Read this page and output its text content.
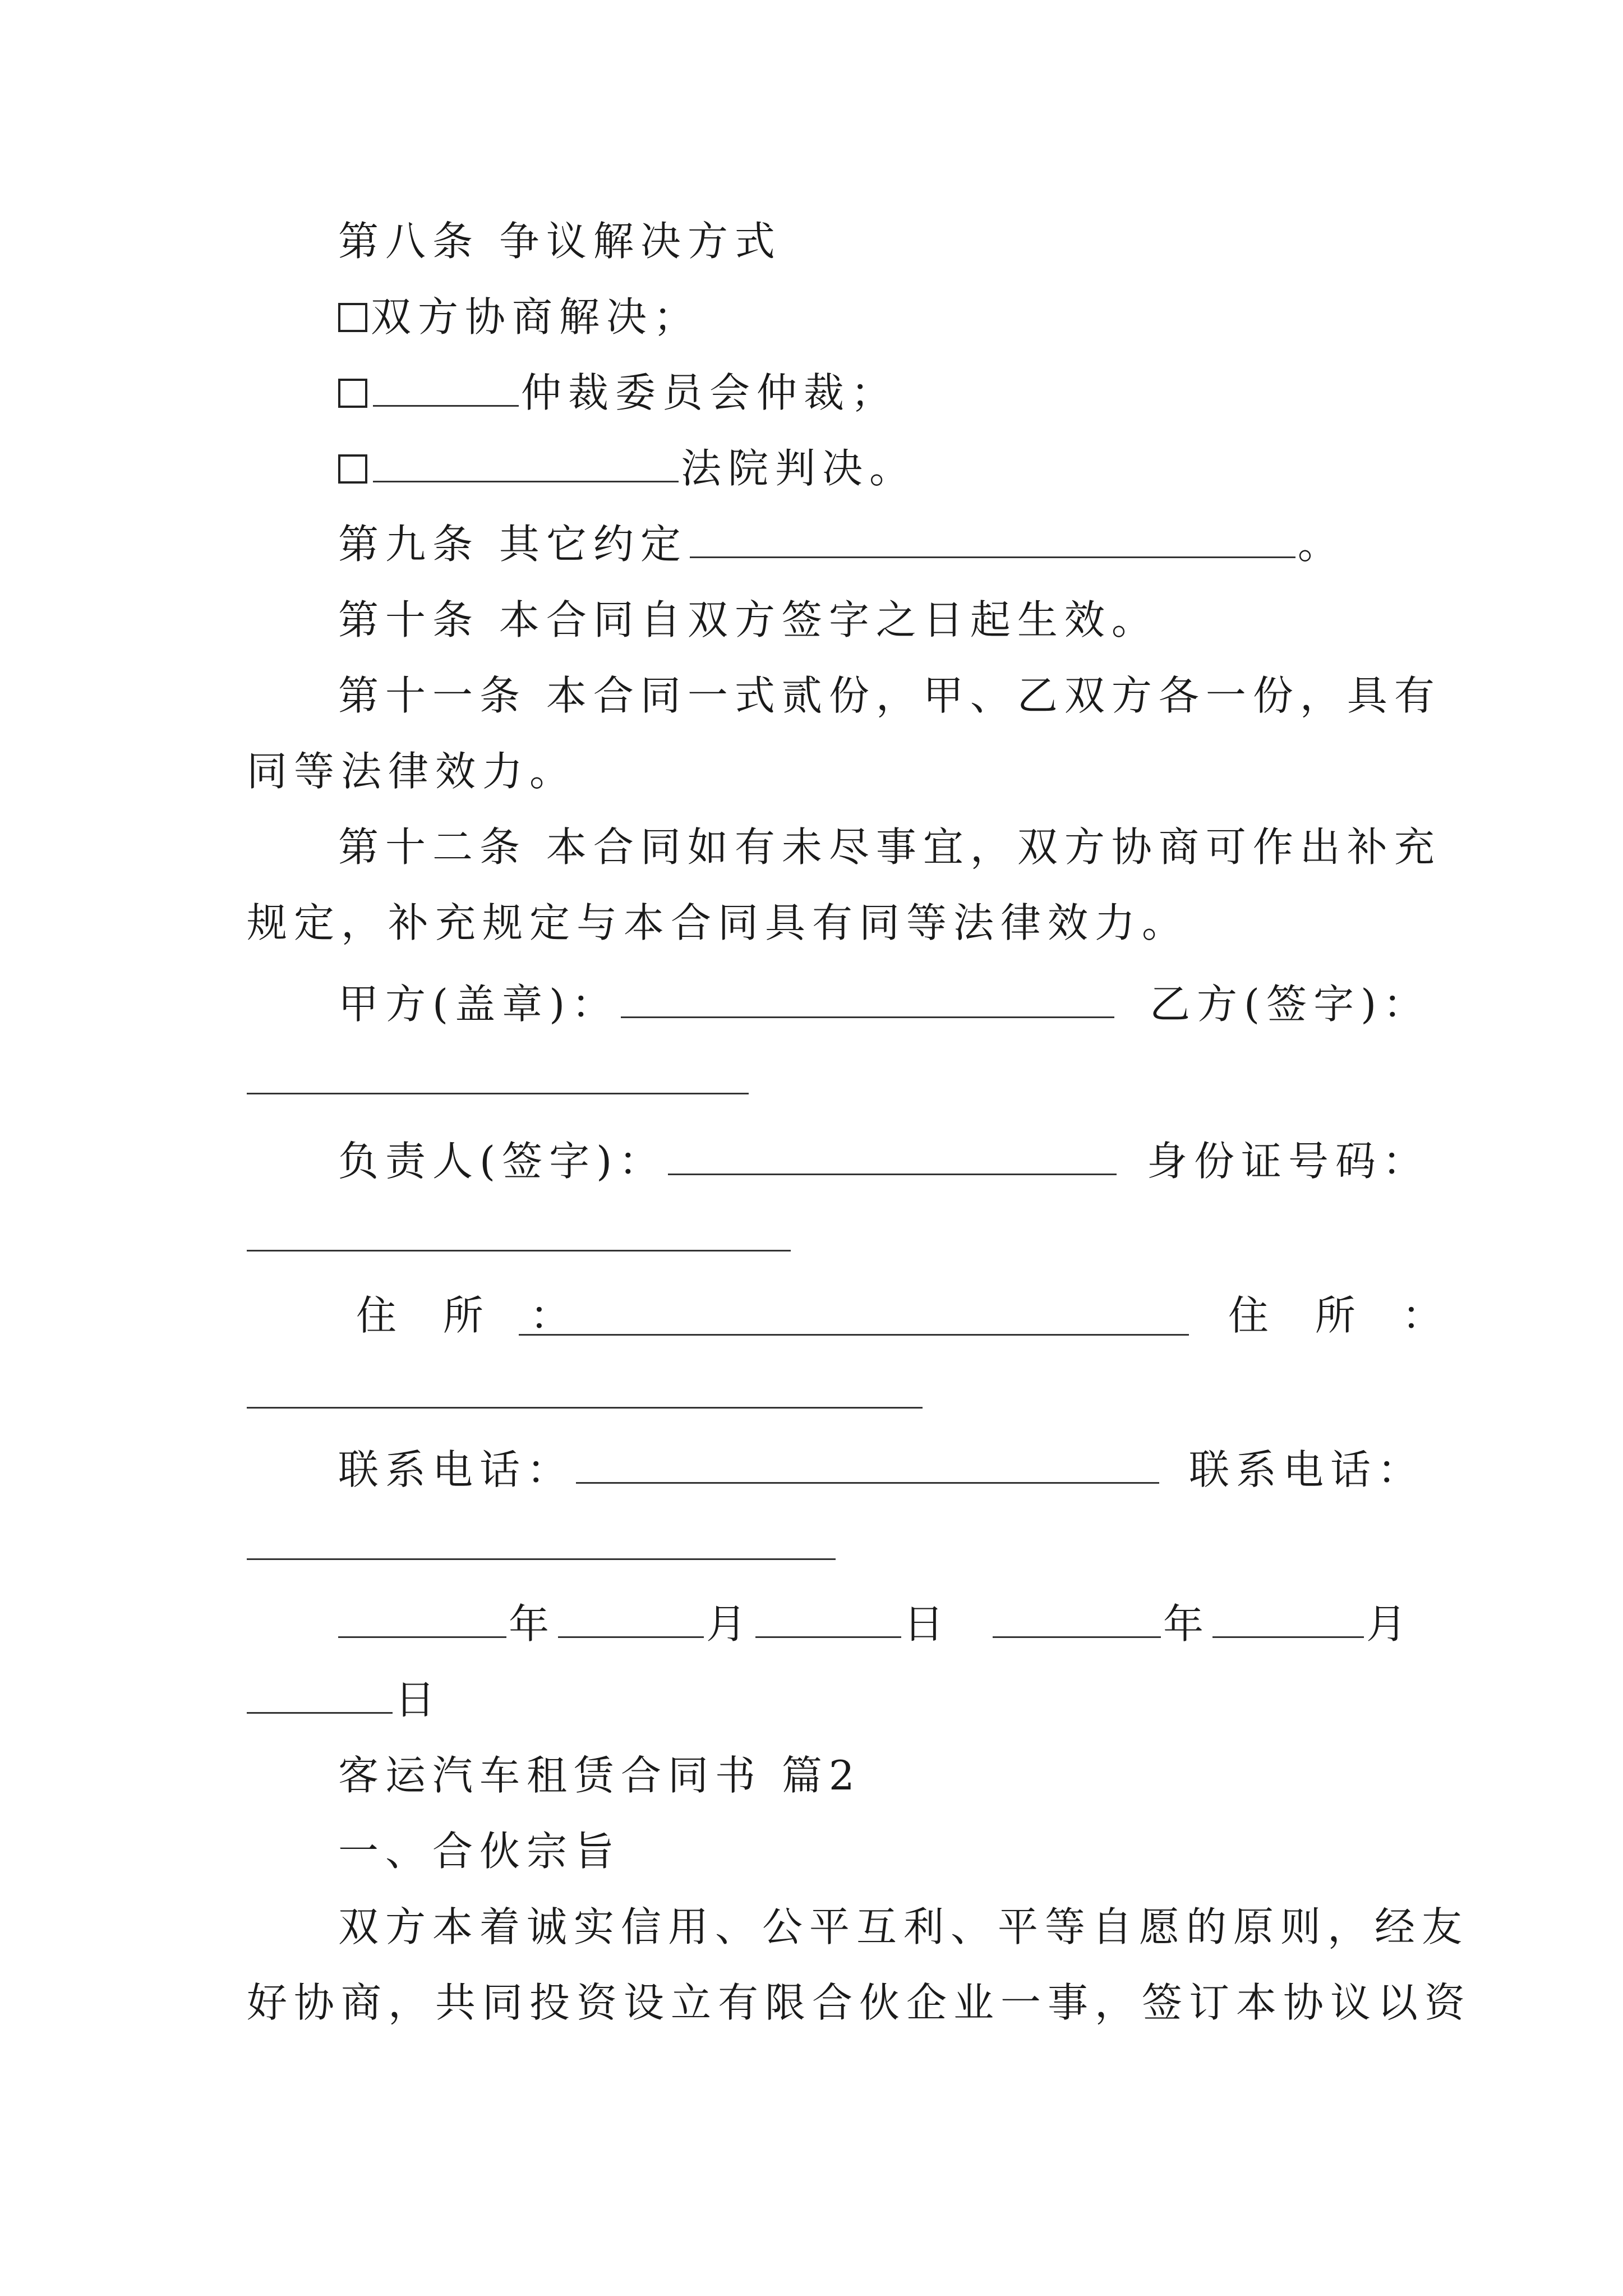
第八条 争议解决方式
双方协商解决；
仲裁委员会仲裁；
法院判决。
第九条 其它约定	。
第十条 本合同自双方签字之日起生效。
第十一条 本合同一式贰份，甲、乙双方各一份，具有
同等法律效力。
第十二条 本合同如有未尽事宜，双方协商可作出补充
规定，补充规定与本合同具有同等法律效力。
甲方(盖章)：	乙方(签字)：
负责人(签字)：	身份证号码：
住 所 ：	住 所 ：
联系电话：	联系电话：
年	月	日	年	月
日
客运汽车租赁合同书 篇2
一、合伙宗旨
双方本着诚实信用、公平互利、平等自愿的原则，经友
好协商，共同投资设立有限合伙企业一事，签订本协议以资
